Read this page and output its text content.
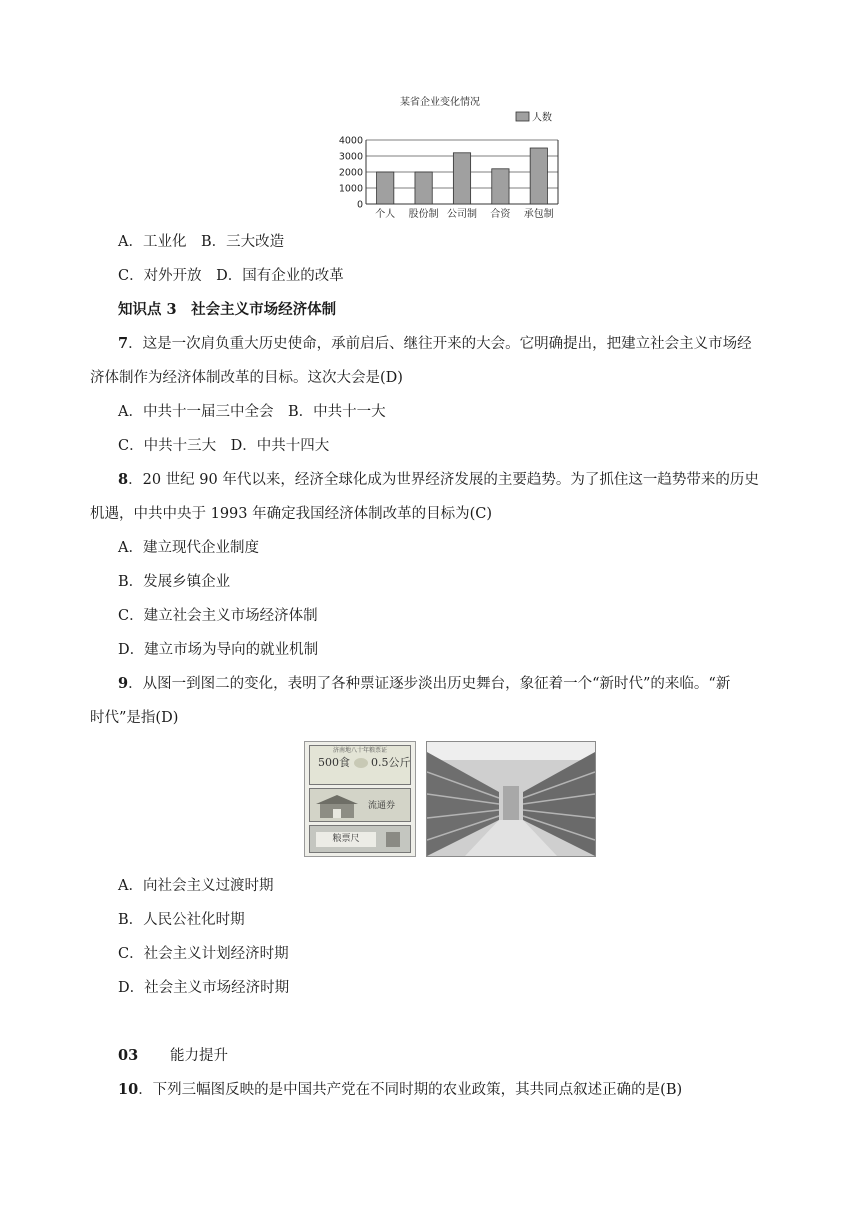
某省企业变化情况
人数
0
1000
2000
3000
4000
个人 股份制 公司制 合资 承包制
A．工业化　B．三大改造
C．对外开放　D．国有企业的改革
知识点 3　社会主义市场经济体制
7．这是一次肩负重大历史使命，承前启后、继往开来的大会。它明确提出，把建立社会主义市场经
济体制作为经济体制改革的目标。这次大会是(D)
A．中共十一届三中全会　B．中共十一大
C．中共十三大　D．中共十四大
8．20 世纪 90 年代以来，经济全球化成为世界经济发展的主要趋势。为了抓住这一趋势带来的历史
机遇，中共中央于 1993 年确定我国经济体制改革的目标为(C)
A．建立现代企业制度
B．发展乡镇企业
C．建立社会主义市场经济体制
D．建立市场为导向的就业机制
9．从图一到图二的变化，表明了各种票证逐步淡出历史舞台，象征着一个“新时代”的来临。“新
时代”是指(D)
济南地八十年粮票证
500食 0.5公斤
流通券
粮票尺
A．向社会主义过渡时期
B．人民公社化时期
C．社会主义计划经济时期
D．社会主义市场经济时期
03 能力提升
10．下列三幅图反映的是中国共产党在不同时期的农业政策，其共同点叙述正确的是(B)
